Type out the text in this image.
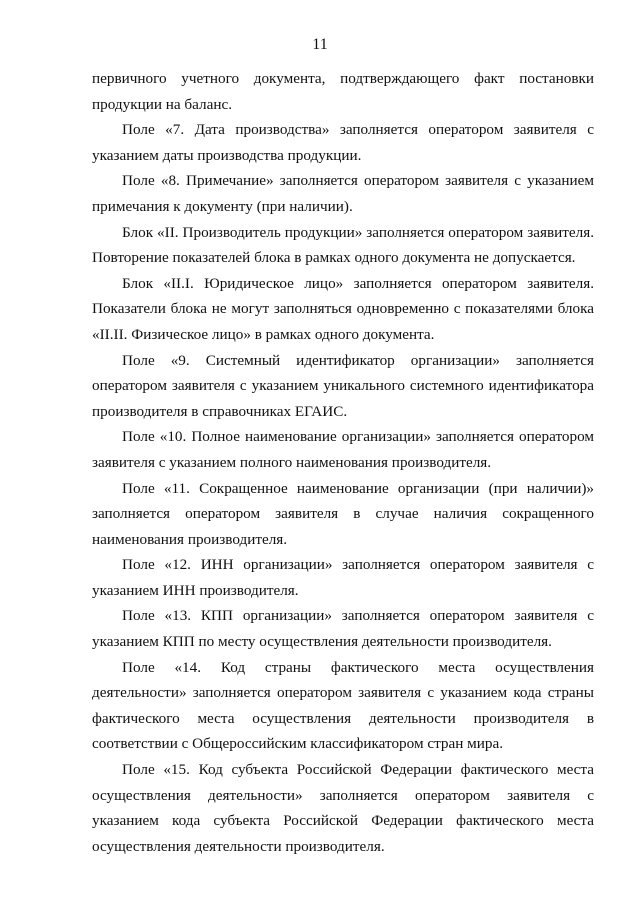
11

первичного учетного документа, подтверждающего факт постановки продукции на баланс.

Поле «7. Дата производства» заполняется оператором заявителя с указанием даты производства продукции.

Поле «8. Примечание» заполняется оператором заявителя с указанием примечания к документу (при наличии).

Блок «II. Производитель продукции» заполняется оператором заявителя. Повторение показателей блока в рамках одного документа не допускается.

Блок «II.I. Юридическое лицо» заполняется оператором заявителя. Показатели блока не могут заполняться одновременно с показателями блока «II.II. Физическое лицо» в рамках одного документа.

Поле «9. Системный идентификатор организации» заполняется оператором заявителя с указанием уникального системного идентификатора производителя в справочниках ЕГАИС.

Поле «10. Полное наименование организации» заполняется оператором заявителя с указанием полного наименования производителя.

Поле «11. Сокращенное наименование организации (при наличии)» заполняется оператором заявителя в случае наличия сокращенного наименования производителя.

Поле «12. ИНН организации» заполняется оператором заявителя с указанием ИНН производителя.

Поле «13. КПП организации» заполняется оператором заявителя с указанием КПП по месту осуществления деятельности производителя.

Поле «14. Код страны фактического места осуществления деятельности» заполняется оператором заявителя с указанием кода страны фактического места осуществления деятельности производителя в соответствии с Общероссийским классификатором стран мира.

Поле «15. Код субъекта Российской Федерации фактического места осуществления деятельности» заполняется оператором заявителя с указанием кода субъекта Российской Федерации фактического места осуществления деятельности производителя.
